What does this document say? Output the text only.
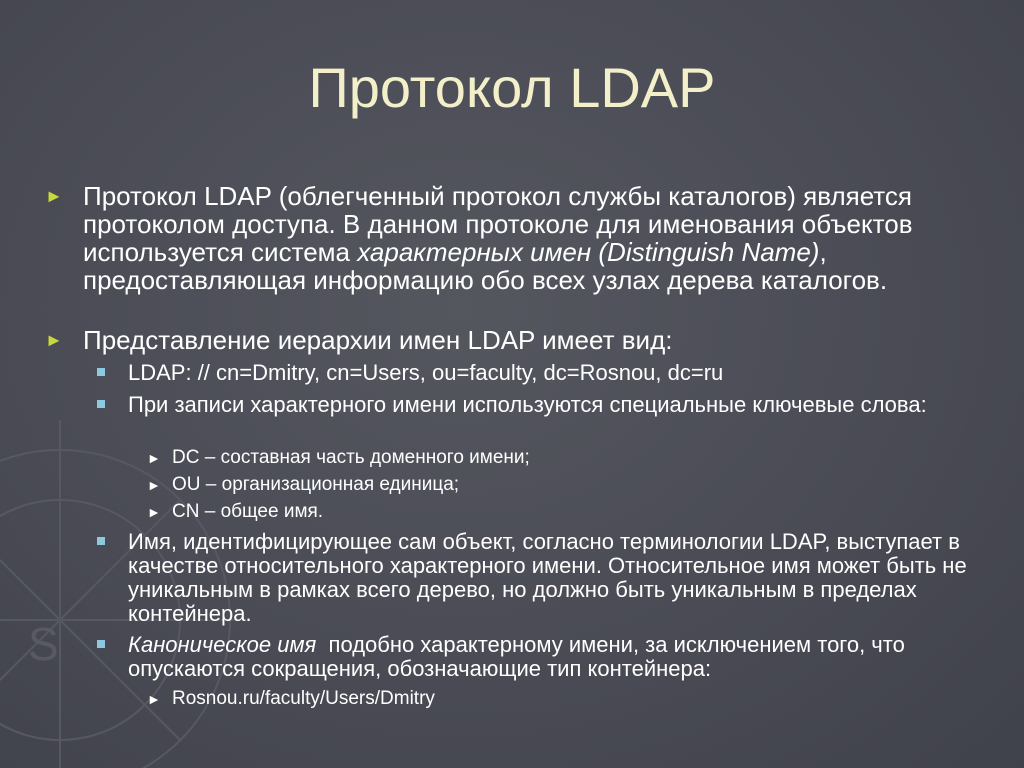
S
Протокол LDAP
► Протокол LDAP (облегченный протокол службы каталогов) является протоколом доступа. В данном протоколе для именования объектов используется система характерных имен (Distinguish Name), предоставляющая информацию обо всех узлах дерева каталогов.
► Представление иерархии имен LDAP имеет вид:
LDAP: // cn=Dmitry, cn=Users, ou=faculty, dc=Rosnou, dc=ru
При записи характерного имени используются специальные ключевые слова:
► DC – составная часть доменного имени;
► OU – организационная единица;
► CN – общее имя.
Имя, идентифицирующее сам объект, согласно терминологии LDAP, выступает в качестве относительного характерного имени. Относительное имя может быть не уникальным в рамках всего дерево, но должно быть уникальным в пределах контейнера.
Каноническое имя  подобно характерному имени, за исключением того, что опускаются сокращения, обозначающие тип контейнера:
► Rosnou.ru/faculty/Users/Dmitry
